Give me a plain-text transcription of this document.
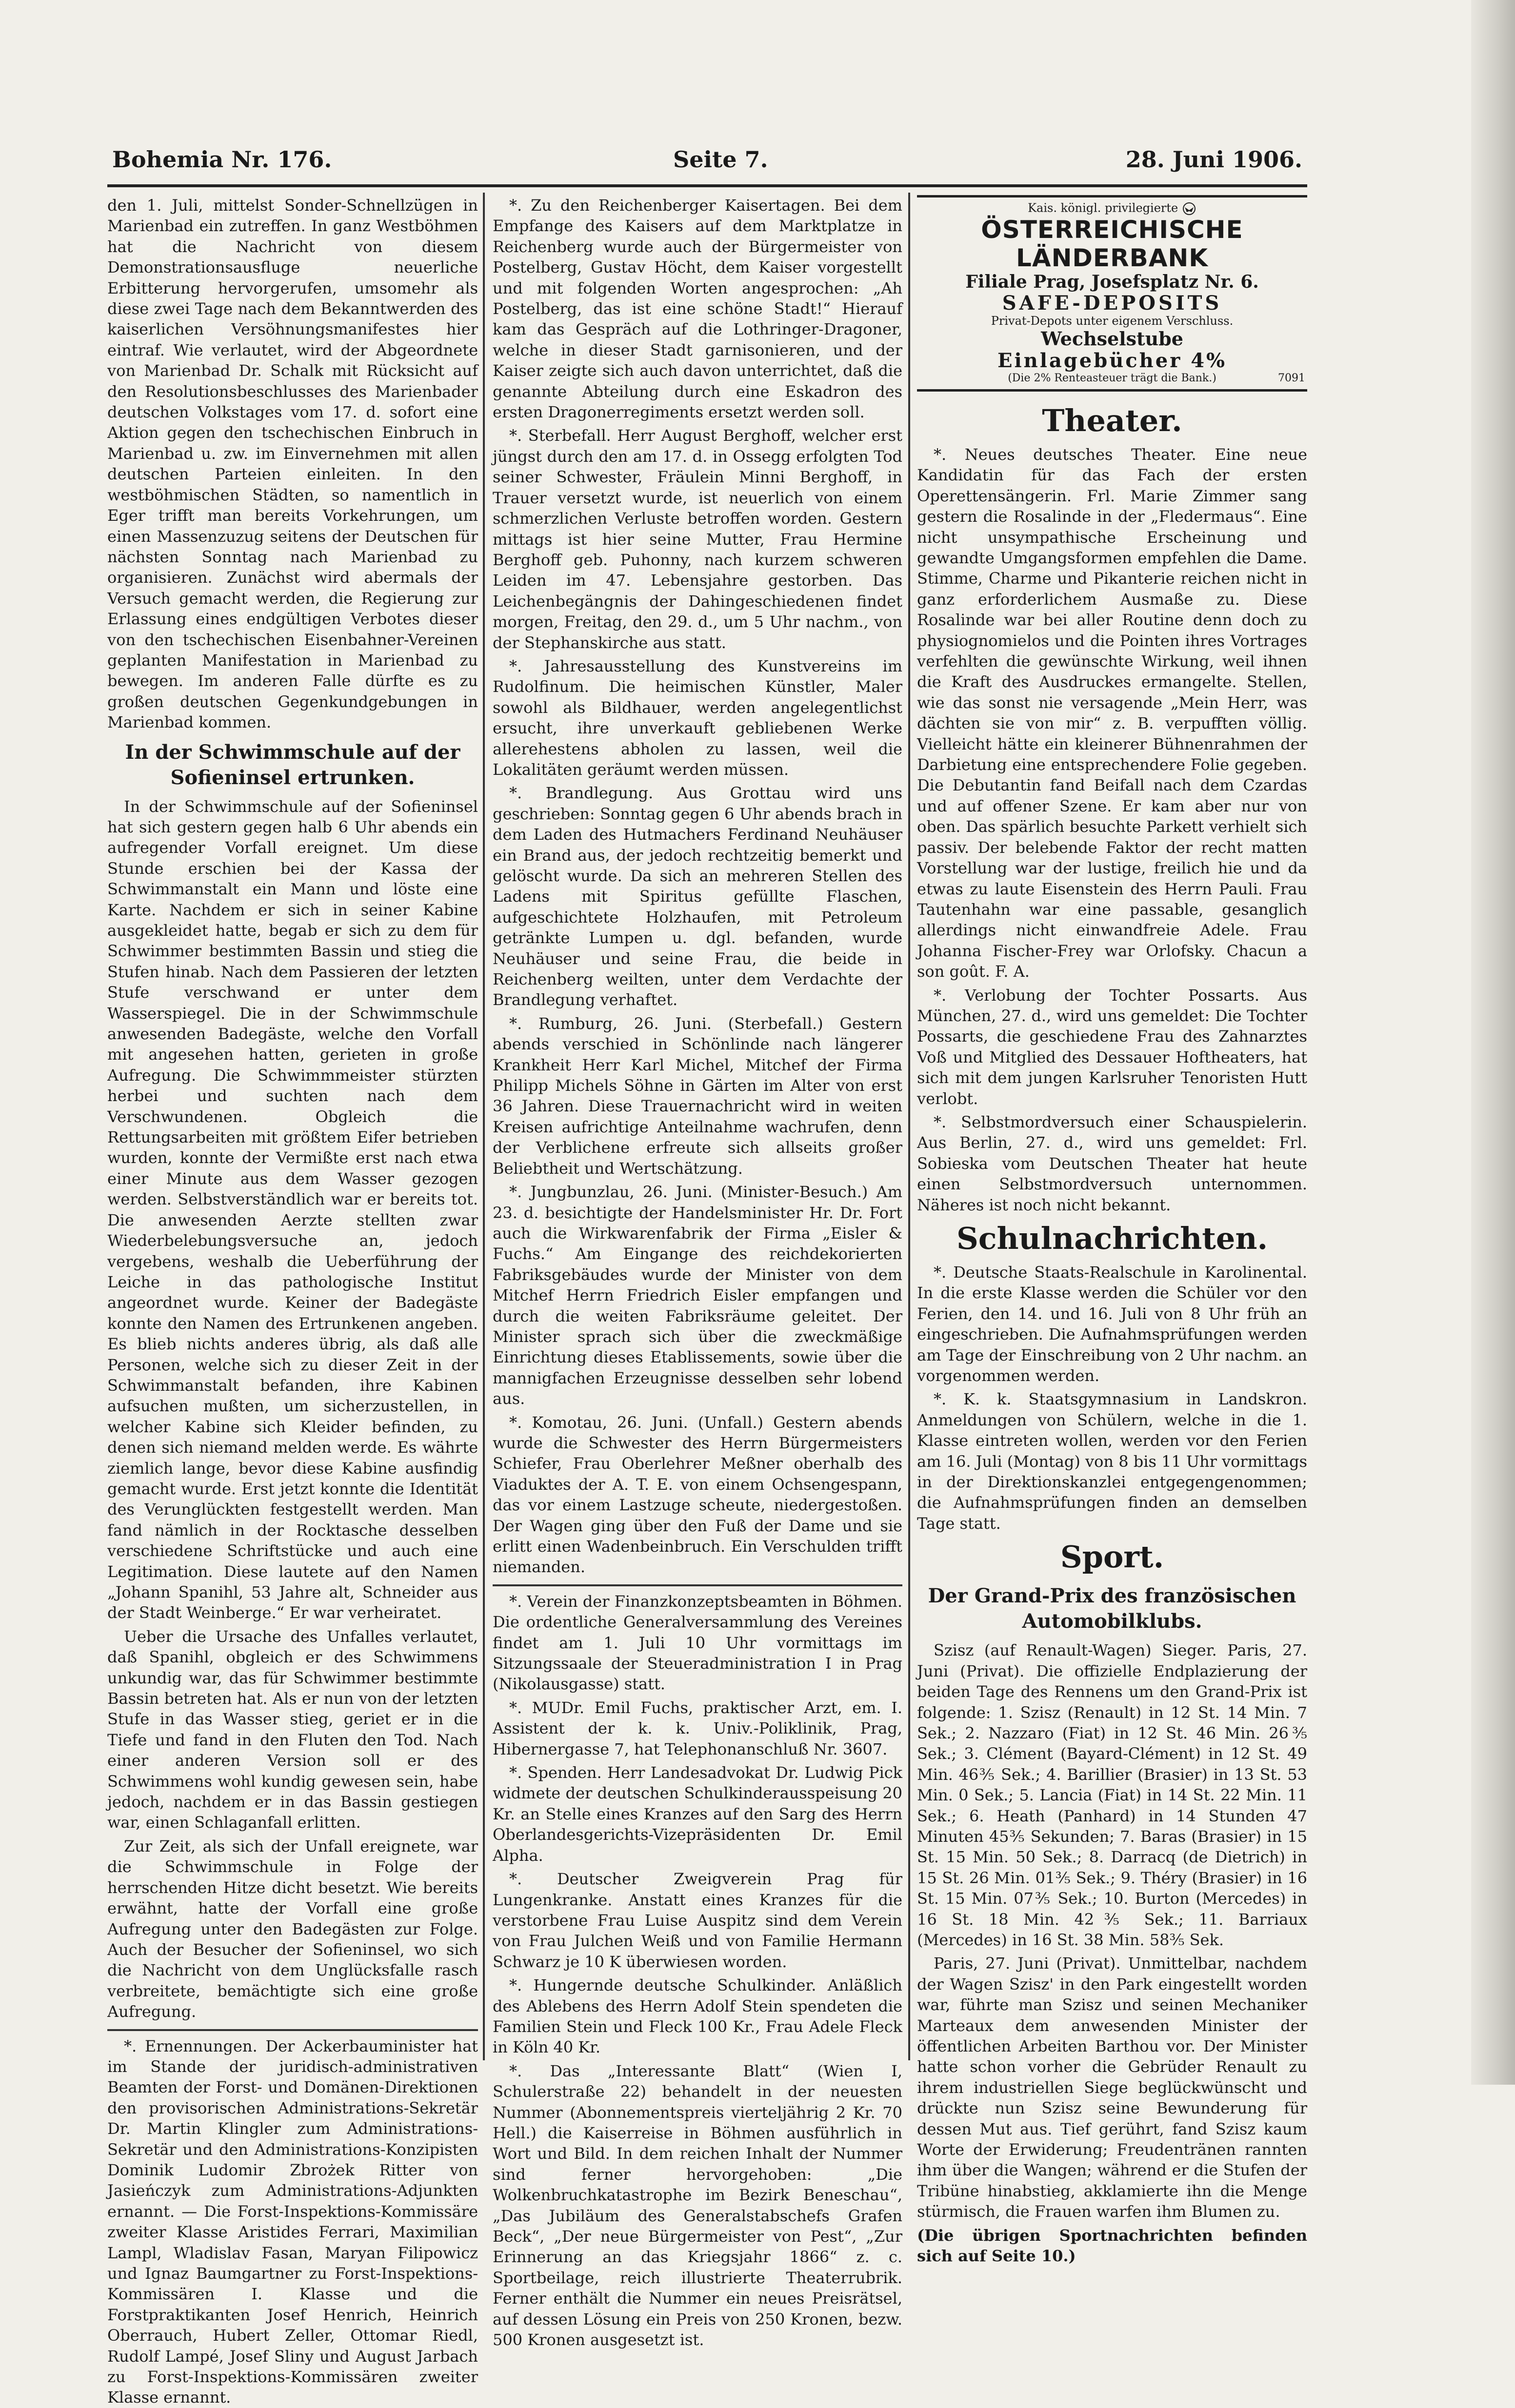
Bohemia Nr. 176.	Seite 7.	28. Juni 1906.

den 1. Juli, mittelst Sonder-Schnellzügen in Marienbad ein zutreffen. In ganz Westböhmen hat die Nachricht von diesem Demonstrationsausfluge neuerliche Erbitterung hervorgerufen, umsomehr als diese zwei Tage nach dem Bekanntwerden des kaiserlichen Versöhnungsmanifestes hier eintraf. Wie verlautet, wird der Abgeordnete von Marienbad Dr. Schalk mit Rücksicht auf den Resolutionsbeschlusses des Marienbader deutschen Volkstages vom 17. d. sofort eine Aktion gegen den tschechischen Einbruch in Marienbad u. zw. im Einvernehmen mit allen deutschen Parteien einleiten. In den westböhmischen Städten, so namentlich in Eger trifft man bereits Vorkehrungen, um einen Massenzuzug seitens der Deutschen für nächsten Sonntag nach Marienbad zu organisieren. Zunächst wird abermals der Versuch gemacht werden, die Regierung zur Erlassung eines endgültigen Verbotes dieser von den tschechischen Eisenbahner-Vereinen geplanten Manifestation in Marienbad zu bewegen. Im anderen Falle dürfte es zu großen deutschen Gegenkundgebungen in Marienbad kommen.

In der Schwimmschule auf der Sofieninsel ertrunken.

In der Schwimmschule auf der Sofieninsel hat sich gestern gegen halb 6 Uhr abends ein aufregender Vorfall ereignet. Um diese Stunde erschien bei der Kassa der Schwimmanstalt ein Mann und löste eine Karte. Nachdem er sich in seiner Kabine ausgekleidet hatte, begab er sich zu dem für Schwimmer bestimmten Bassin und stieg die Stufen hinab. Nach dem Passieren der letzten Stufe verschwand er unter dem Wasserspiegel. Die in der Schwimmschule anwesenden Badegäste, welche den Vorfall mit angesehen hatten, gerieten in große Aufregung. Die Schwimmmeister stürzten herbei und suchten nach dem Verschwundenen. Obgleich die Rettungsarbeiten mit größtem Eifer betrieben wurden, konnte der Vermißte erst nach etwa einer Minute aus dem Wasser gezogen werden. Selbstverständlich war er bereits tot. Die anwesenden Aerzte stellten zwar Wiederbelebungsversuche an, jedoch vergebens, weshalb die Ueberführung der Leiche in das pathologische Institut angeordnet wurde. Keiner der Badegäste konnte den Namen des Ertrunkenen angeben. Es blieb nichts anderes übrig, als daß alle Personen, welche sich zu dieser Zeit in der Schwimmanstalt befanden, ihre Kabinen aufsuchen mußten, um sicherzustellen, in welcher Kabine sich Kleider befinden, zu denen sich niemand melden werde. Es währte ziemlich lange, bevor diese Kabine ausfindig gemacht wurde. Erst jetzt konnte die Identität des Verunglückten festgestellt werden. Man fand nämlich in der Rocktasche desselben verschiedene Schriftstücke und auch eine Legitimation. Diese lautete auf den Namen „Johann Spanihl, 53 Jahre alt, Schneider aus der Stadt Weinberge.“ Er war verheiratet.

Ueber die Ursache des Unfalles verlautet, daß Spanihl, obgleich er des Schwimmens unkundig war, das für Schwimmer bestimmte Bassin betreten hat. Als er nun von der letzten Stufe in das Wasser stieg, geriet er in die Tiefe und fand in den Fluten den Tod. Nach einer anderen Version soll er des Schwimmens wohl kundig gewesen sein, habe jedoch, nachdem er in das Bassin gestiegen war, einen Schlaganfall erlitten.

Zur Zeit, als sich der Unfall ereignete, war die Schwimmschule in Folge der herrschenden Hitze dicht besetzt. Wie bereits erwähnt, hatte der Vorfall eine große Aufregung unter den Badegästen zur Folge. Auch der Besucher der Sofieninsel, wo sich die Nachricht von dem Unglücksfalle rasch verbreitete, bemächtigte sich eine große Aufregung.

*. Ernennungen. Der Ackerbauminister hat im Stande der juridisch-administrativen Beamten der Forst- und Domänen-Direktionen den provisorischen Administrations-Sekretär Dr. Martin Klingler zum Administrations-Sekretär und den Administrations-Konzipisten Dominik Ludomir Zbrożek Ritter von Jasieńczyk zum Administrations-Adjunkten ernannt. — Die Forst-Inspektions-Kommissäre zweiter Klasse Aristides Ferrari, Maximilian Lampl, Wladislav Fasan, Maryan Filipowicz und Ignaz Baumgartner zu Forst-Inspektions-Kommissären I. Klasse und die Forstpraktikanten Josef Henrich, Heinrich Oberrauch, Hubert Zeller, Ottomar Riedl, Rudolf Lampé, Josef Sliny und August Jarbach zu Forst-Inspektions-Kommissären zweiter Klasse ernannt.

*. Zu den Reichenberger Kaisertagen. Bei dem Empfange des Kaisers auf dem Marktplatze in Reichenberg wurde auch der Bürgermeister von Postelberg, Gustav Höcht, dem Kaiser vorgestellt und mit folgenden Worten angesprochen: „Ah Postelberg, das ist eine schöne Stadt!“ Hierauf kam das Gespräch auf die Lothringer-Dragoner, welche in dieser Stadt garnisonieren, und der Kaiser zeigte sich auch davon unterrichtet, daß die genannte Abteilung durch eine Eskadron des ersten Dragonerregiments ersetzt werden soll.

*. Sterbefall. Herr August Berghoff, welcher erst jüngst durch den am 17. d. in Ossegg erfolgten Tod seiner Schwester, Fräulein Minni Berghoff, in Trauer versetzt wurde, ist neuerlich von einem schmerzlichen Verluste betroffen worden. Gestern mittags ist hier seine Mutter, Frau Hermine Berghoff geb. Puhonny, nach kurzem schweren Leiden im 47. Lebensjahre gestorben. Das Leichenbegängnis der Dahingeschiedenen findet morgen, Freitag, den 29. d., um 5 Uhr nachm., von der Stephanskirche aus statt.

*. Jahresausstellung des Kunstvereins im Rudolfinum. Die heimischen Künstler, Maler sowohl als Bildhauer, werden angelegentlichst ersucht, ihre unverkauft gebliebenen Werke allerehestens abholen zu lassen, weil die Lokalitäten geräumt werden müssen.

*. Brandlegung. Aus Grottau wird uns geschrieben: Sonntag gegen 6 Uhr abends brach in dem Laden des Hutmachers Ferdinand Neuhäuser ein Brand aus, der jedoch rechtzeitig bemerkt und gelöscht wurde. Da sich an mehreren Stellen des Ladens mit Spiritus gefüllte Flaschen, aufgeschichtete Holzhaufen, mit Petroleum getränkte Lumpen u. dgl. befanden, wurde Neuhäuser und seine Frau, die beide in Reichenberg weilten, unter dem Verdachte der Brandlegung verhaftet.

*. Rumburg, 26. Juni. (Sterbefall.) Gestern abends verschied in Schönlinde nach längerer Krankheit Herr Karl Michel, Mitchef der Firma Philipp Michels Söhne in Gärten im Alter von erst 36 Jahren. Diese Trauernachricht wird in weiten Kreisen aufrichtige Anteilnahme wachrufen, denn der Verblichene erfreute sich allseits großer Beliebtheit und Wertschätzung.

*. Jungbunzlau, 26. Juni. (Minister-Besuch.) Am 23. d. besichtigte der Handelsminister Hr. Dr. Fort auch die Wirkwarenfabrik der Firma „Eisler & Fuchs.“ Am Eingange des reichdekorierten Fabriksgebäudes wurde der Minister von dem Mitchef Herrn Friedrich Eisler empfangen und durch die weiten Fabriksräume geleitet. Der Minister sprach sich über die zweckmäßige Einrichtung dieses Etablissements, sowie über die mannigfachen Erzeugnisse desselben sehr lobend aus.

*. Komotau, 26. Juni. (Unfall.) Gestern abends wurde die Schwester des Herrn Bürgermeisters Schiefer, Frau Oberlehrer Meßner oberhalb des Viaduktes der A. T. E. von einem Ochsengespann, das vor einem Lastzuge scheute, niedergestoßen. Der Wagen ging über den Fuß der Dame und sie erlitt einen Wadenbeinbruch. Ein Verschulden trifft niemanden.

*. Verein der Finanzkonzeptsbeamten in Böhmen. Die ordentliche Generalversammlung des Vereines findet am 1. Juli 10 Uhr vormittags im Sitzungssaale der Steueradministration I in Prag (Nikolausgasse) statt.

*. MUDr. Emil Fuchs, praktischer Arzt, em. I. Assistent der k. k. Univ.-Poliklinik, Prag, Hibernergasse 7, hat Telephonanschluß Nr. 3607.

*. Spenden. Herr Landesadvokat Dr. Ludwig Pick widmete der deutschen Schulkinderausspeisung 20 Kr. an Stelle eines Kranzes auf den Sarg des Herrn Oberlandesgerichts-Vizepräsidenten Dr. Emil Alpha.

*. Deutscher Zweigverein Prag für Lungenkranke. Anstatt eines Kranzes für die verstorbene Frau Luise Auspitz sind dem Verein von Frau Julchen Weiß und von Familie Hermann Schwarz je 10 K überwiesen worden.

*. Hungernde deutsche Schulkinder. Anläßlich des Ablebens des Herrn Adolf Stein spendeten die Familien Stein und Fleck 100 Kr., Frau Adele Fleck in Köln 40 Kr.

*. Das „Interessante Blatt“ (Wien I, Schulerstraße 22) behandelt in der neuesten Nummer (Abonnementspreis vierteljährig 2 Kr. 70 Hell.) die Kaiserreise in Böhmen ausführlich in Wort und Bild. In dem reichen Inhalt der Nummer sind ferner hervorgehoben: „Die Wolkenbruchkatastrophe im Bezirk Beneschau“, „Das Jubiläum des Generalstabschefs Grafen Beck“, „Der neue Bürgermeister von Pest“, „Zur Erinnerung an das Kriegsjahr 1866“ z. c. Sportbeilage, reich illustrierte Theaterrubrik. Ferner enthält die Nummer ein neues Preisrätsel, auf dessen Lösung ein Preis von 250 Kronen, bezw. 500 Kronen ausgesetzt ist.

Kais. königl. privilegierte
ÖSTERREICHISCHE LÄNDERBANK
Filiale Prag, Josefsplatz Nr. 6.
SAFE-DEPOSITS
Privat-Depots unter eigenem Verschluss.
Wechselstube
Einlagebücher 4%
(Die 2% Renteasteuer trägt die Bank.)	7091
Theater.

*. Neues deutsches Theater. Eine neue Kandidatin für das Fach der ersten Operettensängerin. Frl. Marie Zimmer sang gestern die Rosalinde in der „Fledermaus“. Eine nicht unsympathische Erscheinung und gewandte Umgangsformen empfehlen die Dame. Stimme, Charme und Pikanterie reichen nicht in ganz erforderlichem Ausmaße zu. Diese Rosalinde war bei aller Routine denn doch zu physiognomielos und die Pointen ihres Vortrages verfehlten die gewünschte Wirkung, weil ihnen die Kraft des Ausdruckes ermangelte. Stellen, wie das sonst nie versagende „Mein Herr, was dächten sie von mir“ z. B. verpufften völlig. Vielleicht hätte ein kleinerer Bühnenrahmen der Darbietung eine entsprechendere Folie gegeben. Die Debutantin fand Beifall nach dem Czardas und auf offener Szene. Er kam aber nur von oben. Das spärlich besuchte Parkett verhielt sich passiv. Der belebende Faktor der recht matten Vorstellung war der lustige, freilich hie und da etwas zu laute Eisenstein des Herrn Pauli. Frau Tautenhahn war eine passable, gesanglich allerdings nicht einwandfreie Adele. Frau Johanna Fischer-Frey war Orlofsky. Chacun a son goût. F. A.

*. Verlobung der Tochter Possarts. Aus München, 27. d., wird uns gemeldet: Die Tochter Possarts, die geschiedene Frau des Zahnarztes Voß und Mitglied des Dessauer Hoftheaters, hat sich mit dem jungen Karlsruher Tenoristen Hutt verlobt.

*. Selbstmordversuch einer Schauspielerin. Aus Berlin, 27. d., wird uns gemeldet: Frl. Sobieska vom Deutschen Theater hat heute einen Selbstmordversuch unternommen. Näheres ist noch nicht bekannt.

Schulnachrichten.

*. Deutsche Staats-Realschule in Karolinental. In die erste Klasse werden die Schüler vor den Ferien, den 14. und 16. Juli von 8 Uhr früh an eingeschrieben. Die Aufnahmsprüfungen werden am Tage der Einschreibung von 2 Uhr nachm. an vorgenommen werden.

*. K. k. Staatsgymnasium in Landskron. Anmeldungen von Schülern, welche in die 1. Klasse eintreten wollen, werden vor den Ferien am 16. Juli (Montag) von 8 bis 11 Uhr vormittags in der Direktionskanzlei entgegengenommen; die Aufnahmsprüfungen finden an demselben Tage statt.

Sport.
Der Grand-Prix des französischen Automobilklubs.

Szisz (auf Renault-Wagen) Sieger. Paris, 27. Juni (Privat). Die offizielle Endplazierung der beiden Tage des Rennens um den Grand-Prix ist folgende: 1. Szisz (Renault) in 12 St. 14 Min. 7 Sek.; 2. Nazzaro (Fiat) in 12 St. 46 Min. 26⅗ Sek.; 3. Clément (Bayard-Clément) in 12 St. 49 Min. 46⅗ Sek.; 4. Barillier (Brasier) in 13 St. 53 Min. 0 Sek.; 5. Lancia (Fiat) in 14 St. 22 Min. 11 Sek.; 6. Heath (Panhard) in 14 Stunden 47 Minuten 45⅗ Sekunden; 7. Baras (Brasier) in 15 St. 15 Min. 50 Sek.; 8. Darracq (de Dietrich) in 15 St. 26 Min. 01⅗ Sek.; 9. Théry (Brasier) in 16 St. 15 Min. 07⅗ Sek.; 10. Burton (Mercedes) in 16 St. 18 Min. 42⅗ Sek.; 11. Barriaux (Mercedes) in 16 St. 38 Min. 58⅗ Sek.

Paris, 27. Juni (Privat). Unmittelbar, nachdem der Wagen Szisz' in den Park eingestellt worden war, führte man Szisz und seinen Mechaniker Marteaux dem anwesenden Minister der öffentlichen Arbeiten Barthou vor. Der Minister hatte schon vorher die Gebrüder Renault zu ihrem industriellen Siege beglückwünscht und drückte nun Szisz seine Bewunderung für dessen Mut aus. Tief gerührt, fand Szisz kaum Worte der Erwiderung; Freudentränen rannten ihm über die Wangen; während er die Stufen der Tribüne hinabstieg, akklamierte ihn die Menge stürmisch, die Frauen warfen ihm Blumen zu.

(Die übrigen Sportnachrichten befinden sich auf Seite 10.)
